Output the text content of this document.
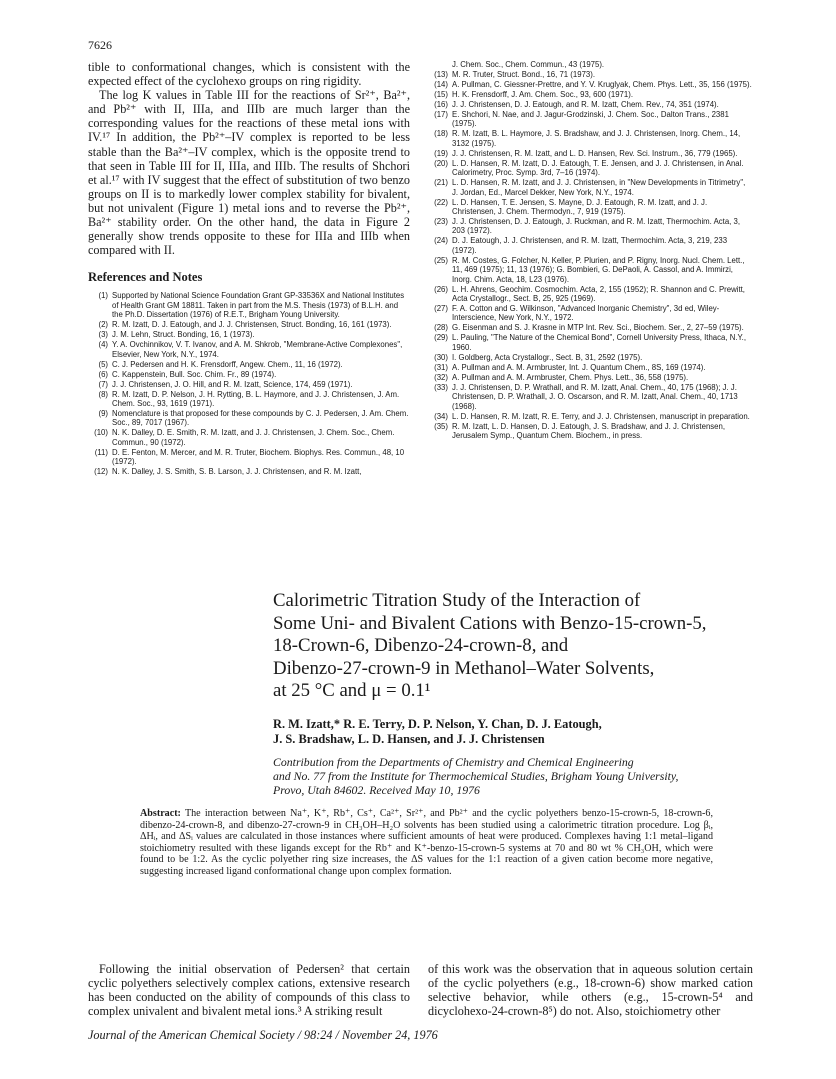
7626

tible to conformational changes, which is consistent with the expected effect of the cyclohexo groups on ring rigidity.

The log K values in Table III for the reactions of Sr²⁺, Ba²⁺, and Pb²⁺ with II, IIIa, and IIIb are much larger than the corresponding values for the reactions of these metal ions with IV.¹⁷ In addition, the Pb²⁺–IV complex is reported to be less stable than the Ba²⁺–IV complex, which is the opposite trend to that seen in Table III for II, IIIa, and IIIb. The results of Shchori et al.¹⁷ with IV suggest that the effect of substitution of two benzo groups on II is to markedly lower complex stability for bivalent, but not univalent (Figure 1) metal ions and to reverse the Pb²⁺, Ba²⁺ stability order. On the other hand, the data in Figure 2 generally show trends opposite to these for IIIa and IIIb when compared with II.

References and Notes
(1) Supported by National Science Foundation Grant GP-33536X and National Institutes of Health Grant GM 18811. Taken in part from the M.S. Thesis (1973) of B.L.H. and the Ph.D. Dissertation (1976) of R.E.T., Brigham Young University.
(2) R. M. Izatt, D. J. Eatough, and J. J. Christensen, Struct. Bonding, 16, 161 (1973).
(3) J. M. Lehn, Struct. Bonding, 16, 1 (1973).
(4) Y. A. Ovchinnikov, V. T. Ivanov, and A. M. Shkrob, "Membrane-Active Complexones", Elsevier, New York, N.Y., 1974.
(5) C. J. Pedersen and H. K. Frensdorff, Angew. Chem., 11, 16 (1972).
(6) C. Kappenstein, Bull. Soc. Chim. Fr., 89 (1974).
(7) J. J. Christensen, J. O. Hill, and R. M. Izatt, Science, 174, 459 (1971).
(8) R. M. Izatt, D. P. Nelson, J. H. Rytting, B. L. Haymore, and J. J. Christensen, J. Am. Chem. Soc., 93, 1619 (1971).
(9) Nomenclature is that proposed for these compounds by C. J. Pedersen, J. Am. Chem. Soc., 89, 7017 (1967).
(10) N. K. Dalley, D. E. Smith, R. M. Izatt, and J. J. Christensen, J. Chem. Soc., Chem. Commun., 90 (1972).
(11) D. E. Fenton, M. Mercer, and M. R. Truter, Biochem. Biophys. Res. Commun., 48, 10 (1972).
(12) N. K. Dalley, J. S. Smith, S. B. Larson, J. J. Christensen, and R. M. Izatt,
J. Chem. Soc., Chem. Commun., 43 (1975).
(13) M. R. Truter, Struct. Bond., 16, 71 (1973).
(14) A. Pullman, C. Giessner-Prettre, and Y. V. Kruglyak, Chem. Phys. Lett., 35, 156 (1975).
(15) H. K. Frensdorff, J. Am. Chem. Soc., 93, 600 (1971).
(16) J. J. Christensen, D. J. Eatough, and R. M. Izatt, Chem. Rev., 74, 351 (1974).
(17) E. Shchori, N. Nae, and J. Jagur-Grodzinski, J. Chem. Soc., Dalton Trans., 2381 (1975).
(18) R. M. Izatt, B. L. Haymore, J. S. Bradshaw, and J. J. Christensen, Inorg. Chem., 14, 3132 (1975).
(19) J. J. Christensen, R. M. Izatt, and L. D. Hansen, Rev. Sci. Instrum., 36, 779 (1965).
(20) L. D. Hansen, R. M. Izatt, D. J. Eatough, T. E. Jensen, and J. J. Christensen, in Anal. Calorimetry, Proc. Symp. 3rd, 7–16 (1974).
(21) L. D. Hansen, R. M. Izatt, and J. J. Christensen, in "New Developments in Titrimetry", J. Jordan, Ed., Marcel Dekker, New York, N.Y., 1974.
(22) L. D. Hansen, T. E. Jensen, S. Mayne, D. J. Eatough, R. M. Izatt, and J. J. Christensen, J. Chem. Thermodyn., 7, 919 (1975).
(23) J. J. Christensen, D. J. Eatough, J. Ruckman, and R. M. Izatt, Thermochim. Acta, 3, 203 (1972).
(24) D. J. Eatough, J. J. Christensen, and R. M. Izatt, Thermochim. Acta, 3, 219, 233 (1972).
(25) R. M. Costes, G. Folcher, N. Keller, P. Plurien, and P. Rigny, Inorg. Nucl. Chem. Lett., 11, 469 (1975); 11, 13 (1976); G. Bombieri, G. DePaoli, A. Cassol, and A. Immirzi, Inorg. Chim. Acta, 18, L23 (1976).
(26) L. H. Ahrens, Geochim. Cosmochim. Acta, 2, 155 (1952); R. Shannon and C. Prewitt, Acta Crystallogr., Sect. B, 25, 925 (1969).
(27) F. A. Cotton and G. Wilkinson, "Advanced Inorganic Chemistry", 3d ed, Wiley-Interscience, New York, N.Y., 1972.
(28) G. Eisenman and S. J. Krasne in MTP Int. Rev. Sci., Biochem. Ser., 2, 27–59 (1975).
(29) L. Pauling, "The Nature of the Chemical Bond", Cornell University Press, Ithaca, N.Y., 1960.
(30) I. Goldberg, Acta Crystallogr., Sect. B, 31, 2592 (1975).
(31) A. Pullman and A. M. Armbruster, Int. J. Quantum Chem., 8S, 169 (1974).
(32) A. Pullman and A. M. Armbruster, Chem. Phys. Lett., 36, 558 (1975).
(33) J. J. Christensen, D. P. Wrathall, and R. M. Izatt, Anal. Chem., 40, 175 (1968); J. J. Christensen, D. P. Wrathall, J. O. Oscarson, and R. M. Izatt, Anal. Chem., 40, 1713 (1968).
(34) L. D. Hansen, R. M. Izatt, R. E. Terry, and J. J. Christensen, manuscript in preparation.
(35) R. M. Izatt, L. D. Hansen, D. J. Eatough, J. S. Bradshaw, and J. J. Christensen, Jerusalem Symp., Quantum Chem. Biochem., in press.
Calorimetric Titration Study of the Interaction of
Some Uni- and Bivalent Cations with Benzo-15-crown-5,
18-Crown-6, Dibenzo-24-crown-8, and
Dibenzo-27-crown-9 in Methanol–Water Solvents,
at 25 °C and μ = 0.1¹
R. M. Izatt,* R. E. Terry, D. P. Nelson, Y. Chan, D. J. Eatough,
J. S. Bradshaw, L. D. Hansen, and J. J. Christensen
Contribution from the Departments of Chemistry and Chemical Engineering
and No. 77 from the Institute for Thermochemical Studies, Brigham Young University,
Provo, Utah 84602. Received May 10, 1976
Abstract: The interaction between Na⁺, K⁺, Rb⁺, Cs⁺, Ca²⁺, Sr²⁺, and Pb²⁺ and the cyclic polyethers benzo-15-crown-5, 18-crown-6, dibenzo-24-crown-8, and dibenzo-27-crown-9 in CH₃OH–H₂O solvents has been studied using a calorimetric titration procedure. Log βᵢ, ΔHᵢ, and ΔSᵢ values are calculated in those instances where sufficient amounts of heat were produced. Complexes having 1:1 metal–ligand stoichiometry resulted with these ligands except for the Rb⁺ and K⁺-benzo-15-crown-5 systems at 70 and 80 wt % CH₃OH, which were found to be 1:2. As the cyclic polyether ring size increases, the ΔS values for the 1:1 reaction of a given cation become more negative, suggesting increased ligand conformational change upon complex formation.

Following the initial observation of Pedersen² that certain cyclic polyethers selectively complex cations, extensive research has been conducted on the ability of compounds of this class to complex univalent and bivalent metal ions.³ A striking result

of this work was the observation that in aqueous solution certain of the cyclic polyethers (e.g., 18-crown-6) show marked cation selective behavior, while others (e.g., 15-crown-5⁴ and dicyclohexo-24-crown-8⁵) do not. Also, stoichiometry other

Journal of the American Chemical Society / 98:24 / November 24, 1976
